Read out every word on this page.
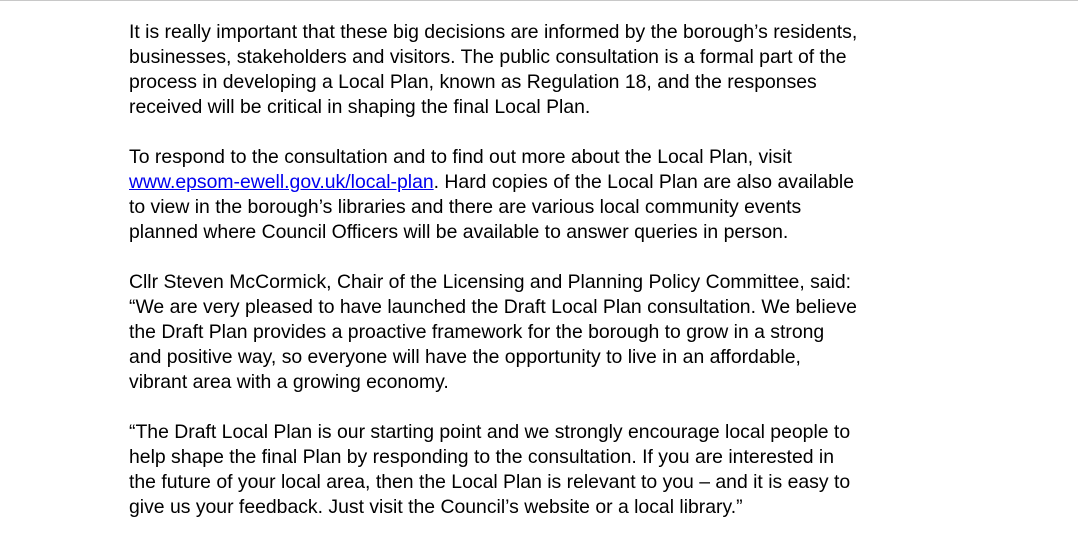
It is really important that these big decisions are informed by the borough’s residents,
businesses, stakeholders and visitors. The public consultation is a formal part of the
process in developing a Local Plan, known as Regulation 18, and the responses
received will be critical in shaping the final Local Plan.

To respond to the consultation and to find out more about the Local Plan, visit
www.epsom-ewell.gov.uk/local-plan. Hard copies of the Local Plan are also available
to view in the borough’s libraries and there are various local community events
planned where Council Officers will be available to answer queries in person.

Cllr Steven McCormick, Chair of the Licensing and Planning Policy Committee, said:
“We are very pleased to have launched the Draft Local Plan consultation. We believe
the Draft Plan provides a proactive framework for the borough to grow in a strong
and positive way, so everyone will have the opportunity to live in an affordable,
vibrant area with a growing economy.

“The Draft Local Plan is our starting point and we strongly encourage local people to
help shape the final Plan by responding to the consultation. If you are interested in
the future of your local area, then the Local Plan is relevant to you – and it is easy to
give us your feedback. Just visit the Council’s website or a local library.”
